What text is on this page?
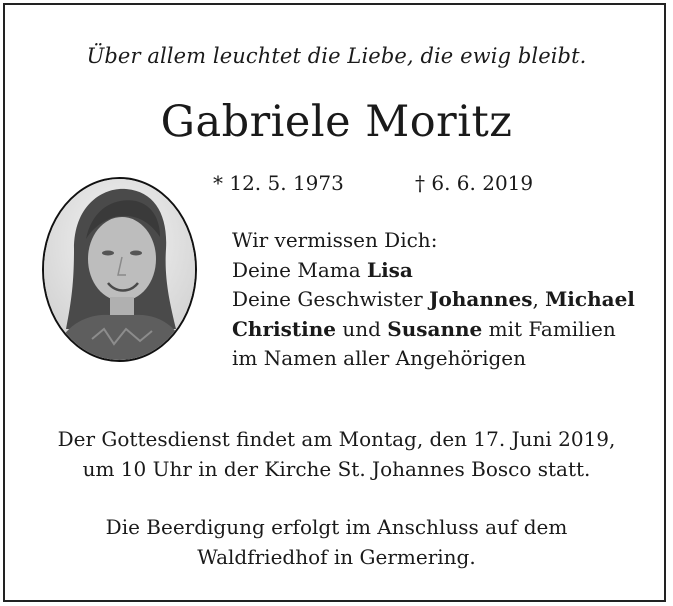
Über allem leuchtet die Liebe, die ewig bleibt.
Gabriele Moritz
* 12. 5. 1973	† 6. 6. 2019
Wir vermissen Dich:
Deine Mama Lisa
Deine Geschwister Johannes, Michael
Christine und Susanne mit Familien
im Namen aller Angehörigen
Der Gottesdienst findet am Montag, den 17. Juni 2019,
um 10 Uhr in der Kirche St. Johannes Bosco statt.
Die Beerdigung erfolgt im Anschluss auf dem
Waldfriedhof in Germering.
